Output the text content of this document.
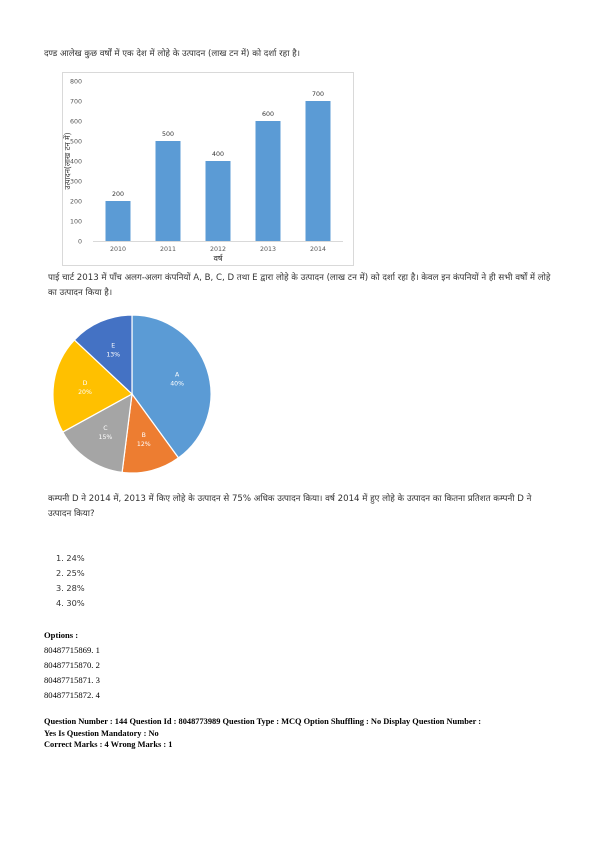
दण्ड आलेख कुछ वर्षों में एक देश में लोहे के उत्पादन (लाख टन में) को दर्शा रहा है।
0
100
200
300
400
500
600
700
800
200
2010
500
2011
400
2012
600
2013
700
2014
वर्ष
उत्पादन(लाख टन में)
पाई चार्ट 2013 में पाँच अलग-अलग कंपनियों A, B, C, D तथा E द्वारा लोहे के उत्पादन (लाख टन में) को दर्शा रहा है। केवल इन कंपनियों ने ही सभी वर्षों में लोहे का उत्पादन किया है।
A
40%
B
12%
C
15%
D
20%
E
13%
कम्पनी D ने 2014 में, 2013 में किए लोहे के उत्पादन से 75% अधिक उत्पादन किया। वर्ष 2014 में हुए लोहे के उत्पादन का कितना प्रतिशत कम्पनी D ने उत्पादन किया?
1. 24%
2. 25%
3. 28%
4. 30%
Options :
80487715869. 1
80487715870. 2
80487715871. 3
80487715872. 4
Question Number : 144 Question Id : 8048773989 Question Type : MCQ Option Shuffling : No Display Question Number :
Yes Is Question Mandatory : No
Correct Marks : 4 Wrong Marks : 1
